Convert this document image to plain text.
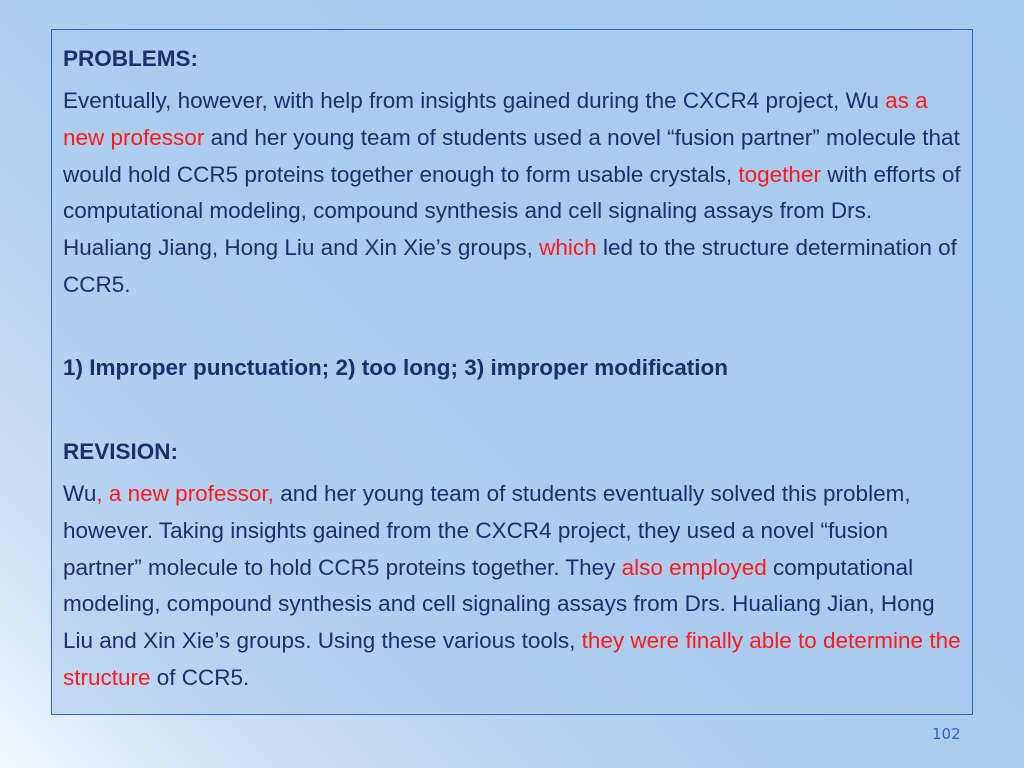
PROBLEMS:

Eventually, however, with help from insights gained during the CXCR4 project, Wu as a new professor and her young team of students used a novel “fusion partner” molecule that would hold CCR5 proteins together enough to form usable crystals, together with efforts of computational modeling, compound synthesis and cell signaling assays from Drs. Hualiang Jiang, Hong Liu and Xin Xie’s groups, which led to the structure determination of CCR5.

1) Improper punctuation; 2) too long; 3) improper modification

REVISION:

Wu, a new professor, and her young team of students eventually solved this problem, however. Taking insights gained from the CXCR4 project, they used a novel “fusion partner” molecule to hold CCR5 proteins together. They also employed computational modeling, compound synthesis and cell signaling assays from Drs. Hualiang Jian, Hong Liu and Xin Xie’s groups. Using these various tools, they were finally able to determine the structure of CCR5.

102
